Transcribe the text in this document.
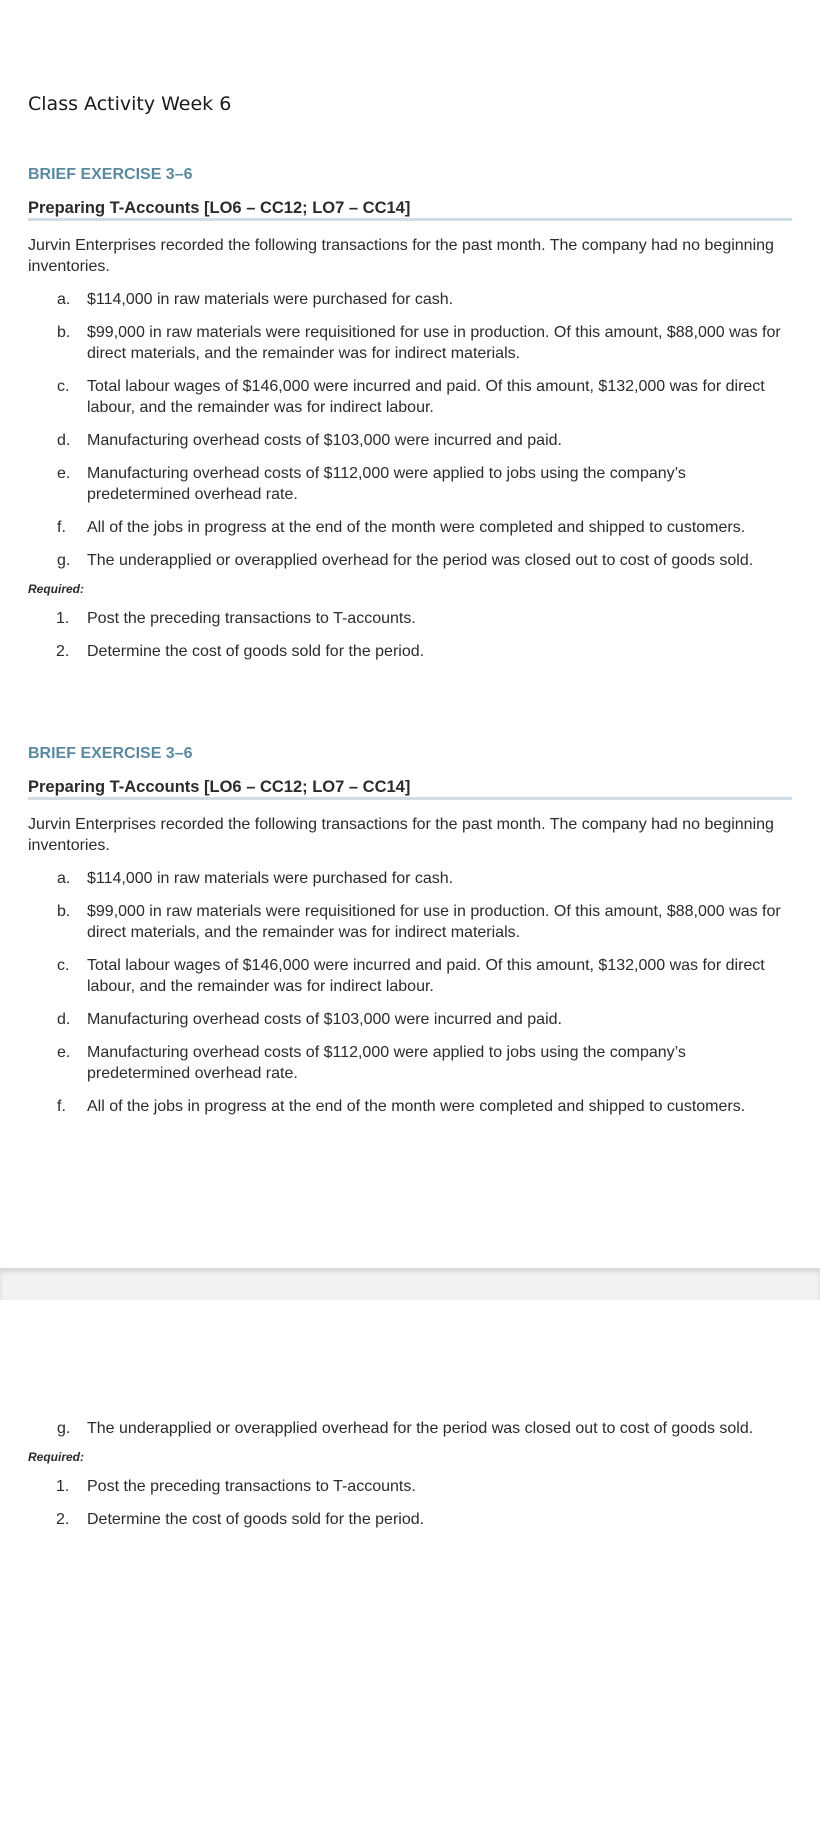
Class Activity Week 6
BRIEF EXERCISE 3–6
Preparing T-Accounts [LO6 – CC12; LO7 – CC14]

Jurvin Enterprises recorded the following transactions for the past month. The company had no beginning inventories.

a.	$114,000 in raw materials were purchased for cash.
b.	$99,000 in raw materials were requisitioned for use in production. Of this amount, $88,000 was for direct materials, and the remainder was for indirect materials.
c.	Total labour wages of $146,000 were incurred and paid. Of this amount, $132,000 was for direct labour, and the remainder was for indirect labour.
d.	Manufacturing overhead costs of $103,000 were incurred and paid.
e.	Manufacturing overhead costs of $112,000 were applied to jobs using the company’s predetermined overhead rate.
f.	All of the jobs in progress at the end of the month were completed and shipped to customers.
g.	The underapplied or overapplied overhead for the period was closed out to cost of goods sold.
Required:
1.	Post the preceding transactions to T-accounts.
2.	Determine the cost of goods sold for the period.
BRIEF EXERCISE 3–6
Preparing T-Accounts [LO6 – CC12; LO7 – CC14]

Jurvin Enterprises recorded the following transactions for the past month. The company had no beginning inventories.

a.	$114,000 in raw materials were purchased for cash.
b.	$99,000 in raw materials were requisitioned for use in production. Of this amount, $88,000 was for direct materials, and the remainder was for indirect materials.
c.	Total labour wages of $146,000 were incurred and paid. Of this amount, $132,000 was for direct labour, and the remainder was for indirect labour.
d.	Manufacturing overhead costs of $103,000 were incurred and paid.
e.	Manufacturing overhead costs of $112,000 were applied to jobs using the company’s predetermined overhead rate.
f.	All of the jobs in progress at the end of the month were completed and shipped to customers.
g.	The underapplied or overapplied overhead for the period was closed out to cost of goods sold.
Required:
1.	Post the preceding transactions to T-accounts.
2.	Determine the cost of goods sold for the period.
